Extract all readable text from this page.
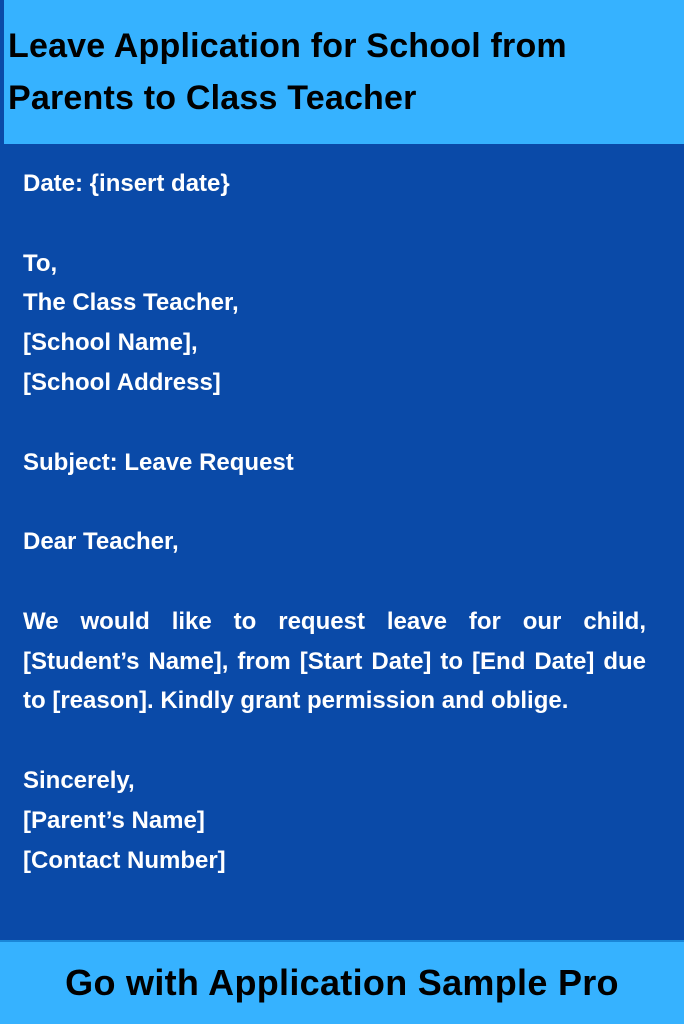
Leave Application for School from Parents to Class Teacher
Date: {insert date}
To,
The Class Teacher,
[School Name],
[School Address]
Subject: Leave Request
Dear Teacher,
We would like to request leave for our child, [Student’s Name], from [Start Date] to [End Date] due to [reason]. Kindly grant permission and oblige.
Sincerely,
[Parent’s Name]
[Contact Number]

Go with Application Sample Pro
